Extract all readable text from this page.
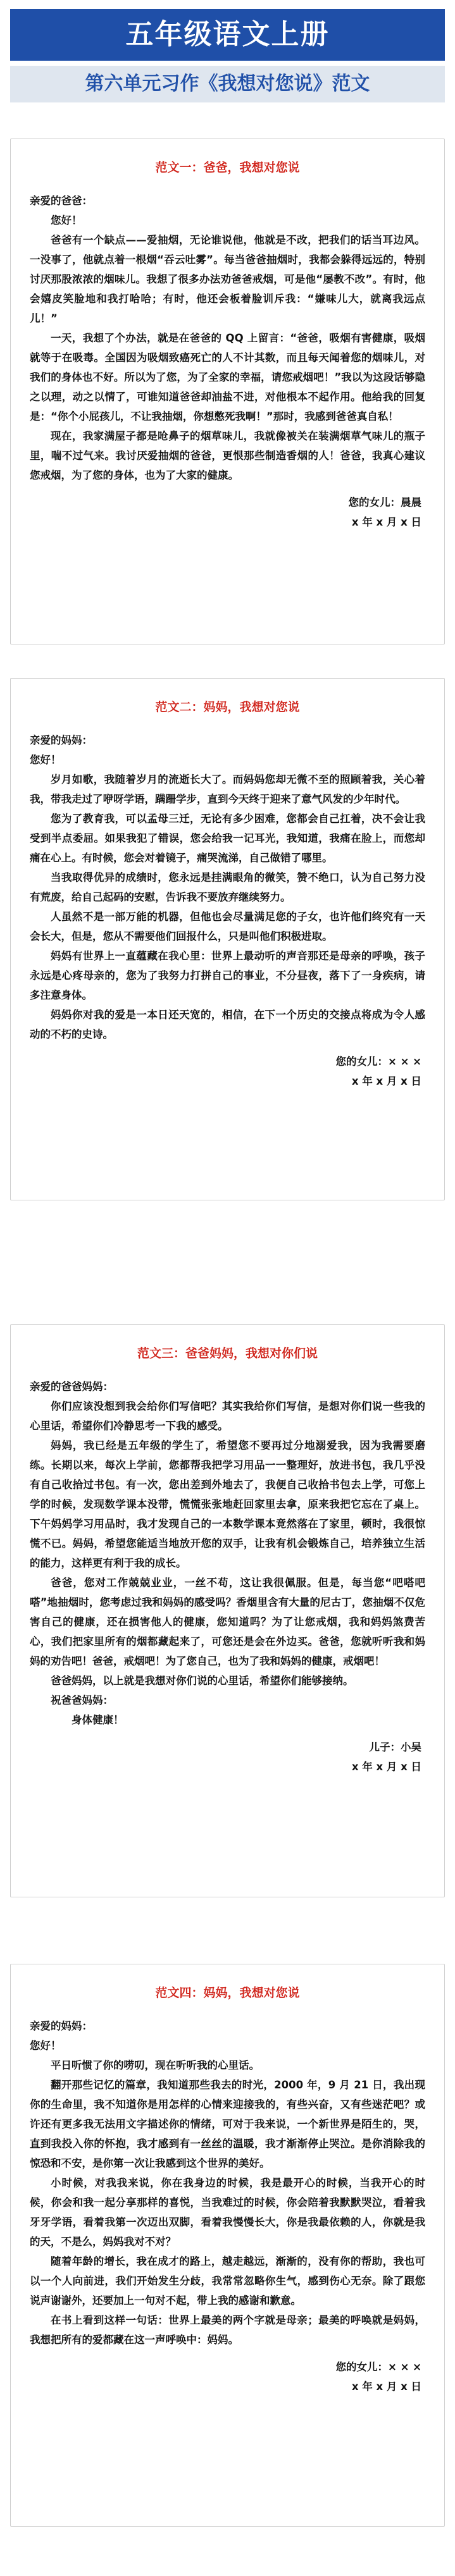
五年级语文上册
第六单元习作《我想对您说》范文
范文一：爸爸，我想对您说

亲爱的爸爸：

您好！

爸爸有一个缺点——爱抽烟，无论谁说他，他就是不改，把我们的话当耳边风。一没事了，他就点着一根烟“吞云吐雾”。每当爸爸抽烟时，我都会躲得远远的，特别讨厌那股浓浓的烟味儿。我想了很多办法劝爸爸戒烟，可是他“屡教不改”。有时，他会嬉皮笑脸地和我打哈哈；有时，他还会板着脸训斥我：“嫌味儿大，就离我远点儿！”

一天，我想了个办法，就是在爸爸的 QQ 上留言：“爸爸，吸烟有害健康，吸烟就等于在吸毒。全国因为吸烟致癌死亡的人不计其数，而且每天闻着您的烟味儿，对我们的身体也不好。所以为了您，为了全家的幸福，请您戒烟吧！”我以为这段话够隐之以理，动之以情了，可谁知道爸爸却油盐不进，对他根本不起作用。他给我的回复是：“你个小屁孩儿，不让我抽烟，你想憋死我啊！”那时，我感到爸爸真自私！

现在，我家满屋子都是呛鼻子的烟草味儿，我就像被关在装满烟草气味儿的瓶子里，喘不过气来。我讨厌爱抽烟的爸爸，更恨那些制造香烟的人！爸爸，我真心建议您戒烟，为了您的身体，也为了大家的健康。

您的女儿：晨晨

x 年 x 月 x 日

范文二：妈妈，我想对您说

亲爱的妈妈：

您好！

岁月如歌，我随着岁月的流逝长大了。而妈妈您却无微不至的照顾着我，关心着我，带我走过了咿呀学语，蹒跚学步，直到今天终于迎来了意气风发的少年时代。

您为了教育我，可以孟母三迁，无论有多少困难，您都会自己扛着，决不会让我受到半点委屈。如果我犯了错误，您会给我一记耳光，我知道，我痛在脸上，而您却痛在心上。有时候，您会对着镜子，痛哭流涕，自己做错了哪里。

当我取得优异的成绩时，您永远是挂满眼角的微笑，赞不绝口，认为自己努力没有荒废，给自己起码的安慰，告诉我不要放弃继续努力。

人虽然不是一部万能的机器，但他也会尽量满足您的子女，也许他们终究有一天会长大，但是，您从不需要他们回报什么，只是叫他们积极进取。

妈妈有世界上一直蕴藏在我心里：世界上最动听的声音那还是母亲的呼唤，孩子永远是心疼母亲的，您为了我努力打拼自己的事业，不分昼夜，落下了一身疾病，请多注意身体。

妈妈你对我的爱是一本日还天宽的，相信，在下一个历史的交接点将成为令人感动的不朽的史诗。

您的女儿：× × ×

x 年 x 月 x 日

范文三：爸爸妈妈，我想对你们说

亲爱的爸爸妈妈：

你们应该没想到我会给你们写信吧？其实我给你们写信，是想对你们说一些我的心里话，希望你们冷静思考一下我的感受。

妈妈，我已经是五年级的学生了，希望您不要再过分地溺爱我，因为我需要磨练。长期以来，每次上学前，您都帮我把学习用品一一整理好，放进书包，我几乎没有自己收拾过书包。有一次，您出差到外地去了，我便自己收拾书包去上学，可您上学的时候，发现数学课本没带，慌慌张张地赶回家里去拿，原来我把它忘在了桌上。下午妈妈学习用品时，我才发现自己的一本数学课本竟然落在了家里，顿时，我很惊慌不已。妈妈，希望您能适当地放开您的双手，让我有机会锻炼自己，培养独立生活的能力，这样更有利于我的成长。

爸爸，您对工作兢兢业业，一丝不苟，这让我很佩服。但是，每当您“吧嗒吧嗒”地抽烟时，您考虑过我和妈妈的感受吗？香烟里含有大量的尼古丁，您抽烟不仅危害自己的健康，还在损害他人的健康，您知道吗？为了让您戒烟，我和妈妈煞费苦心，我们把家里所有的烟都藏起来了，可您还是会在外边买。爸爸，您就听听我和妈妈的劝告吧！爸爸，戒烟吧！为了您自己，也为了我和妈妈的健康，戒烟吧！

爸爸妈妈，以上就是我想对你们说的心里话，希望你们能够接纳。

祝爸爸妈妈：

身体健康！

儿子：小吴

x 年 x 月 x 日

范文四：妈妈，我想对您说

亲爱的妈妈：

您好！

平日听惯了你的唠叨，现在听听我的心里话。

翻开那些记忆的篇章，我知道那些我去的时光，2000 年，9 月 21 日，我出现你的生命里，我不知道你是用怎样的心情来迎接我的，有些兴奋，又有些迷茫吧？或许还有更多我无法用文字描述你的情绪，可对于我来说，一个新世界是陌生的，哭，直到我投入你的怀抱，我才感到有一丝丝的温暖，我才渐渐停止哭泣。是你消除我的惊恐和不安，是你第一次让我感到这个世界的美好。

小时候，对我我来说，你在我身边的时候，我是最开心的时候，当我开心的时候，你会和我一起分享那样的喜悦，当我难过的时候，你会陪着我默默哭泣，看着我牙牙学语，看着我第一次迈出双脚，看着我慢慢长大，你是我最依赖的人，你就是我的天，不是么，妈妈我对不对？

随着年龄的增长，我在成才的路上，越走越远，渐渐的，没有你的帮助，我也可以一个人向前进，我们开始发生分歧，我常常忽略你生气，感到伤心无奈。除了跟您说声谢谢外，还要加上一句对不起，带上我的感谢和歉意。

在书上看到这样一句话：世界上最美的两个字就是母亲；最美的呼唤就是妈妈，我想把所有的爱都藏在这一声呼唤中：妈妈。

您的女儿：× × ×

x 年 x 月 x 日
